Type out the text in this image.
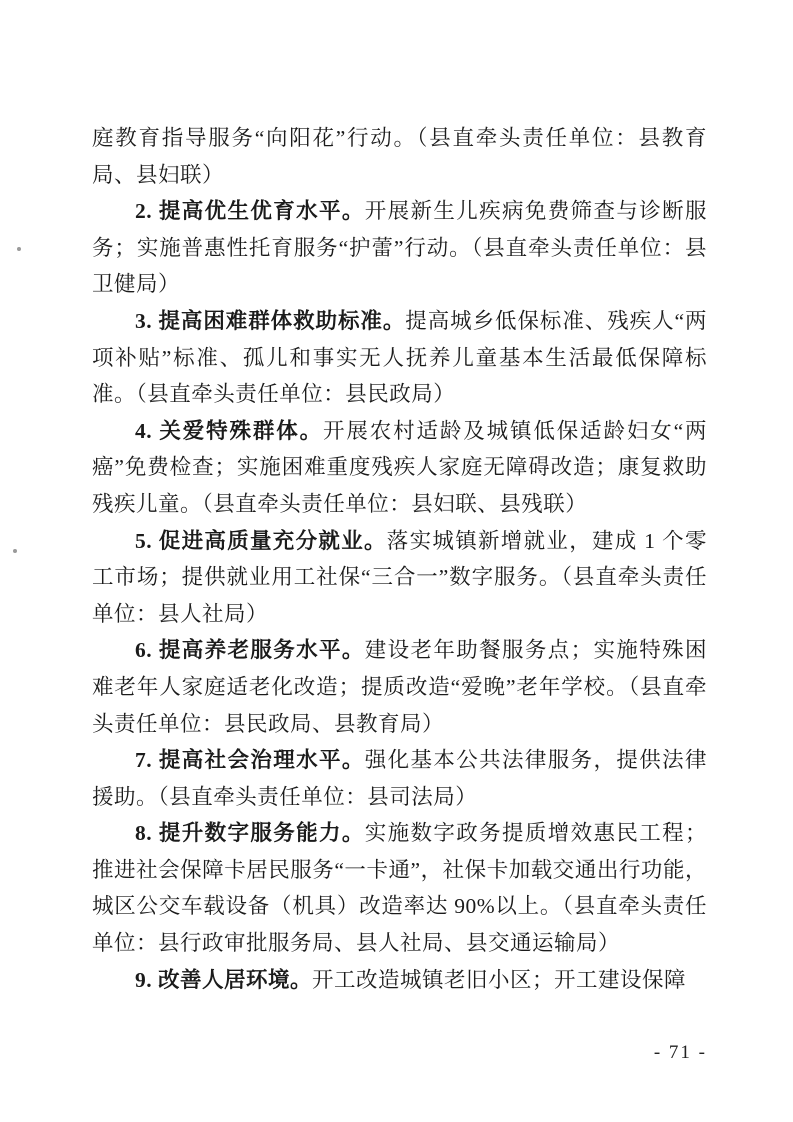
庭教育指导服务“向阳花”行动。（县直牵头责任单位：县教育局、县妇联）

2. 提高优生优育水平。开展新生儿疾病免费筛查与诊断服务；实施普惠性托育服务“护蕾”行动。（县直牵头责任单位：县卫健局）

3. 提高困难群体救助标准。提高城乡低保标准、残疾人“两项补贴”标准、孤儿和事实无人抚养儿童基本生活最低保障标准。（县直牵头责任单位：县民政局）

4. 关爱特殊群体。开展农村适龄及城镇低保适龄妇女“两癌”免费检查；实施困难重度残疾人家庭无障碍改造；康复救助残疾儿童。（县直牵头责任单位：县妇联、县残联）

5. 促进高质量充分就业。落实城镇新增就业，建成 1 个零工市场；提供就业用工社保“三合一”数字服务。（县直牵头责任单位：县人社局）

6. 提高养老服务水平。建设老年助餐服务点；实施特殊困难老年人家庭适老化改造；提质改造“爱晚”老年学校。（县直牵头责任单位：县民政局、县教育局）

7. 提高社会治理水平。强化基本公共法律服务，提供法律援助。（县直牵头责任单位：县司法局）

8. 提升数字服务能力。实施数字政务提质增效惠民工程；推进社会保障卡居民服务“一卡通”，社保卡加载交通出行功能，城区公交车载设备（机具）改造率达 90%以上。（县直牵头责任单位：县行政审批服务局、县人社局、县交通运输局）

9. 改善人居环境。开工改造城镇老旧小区；开工建设保障

- 71 -
